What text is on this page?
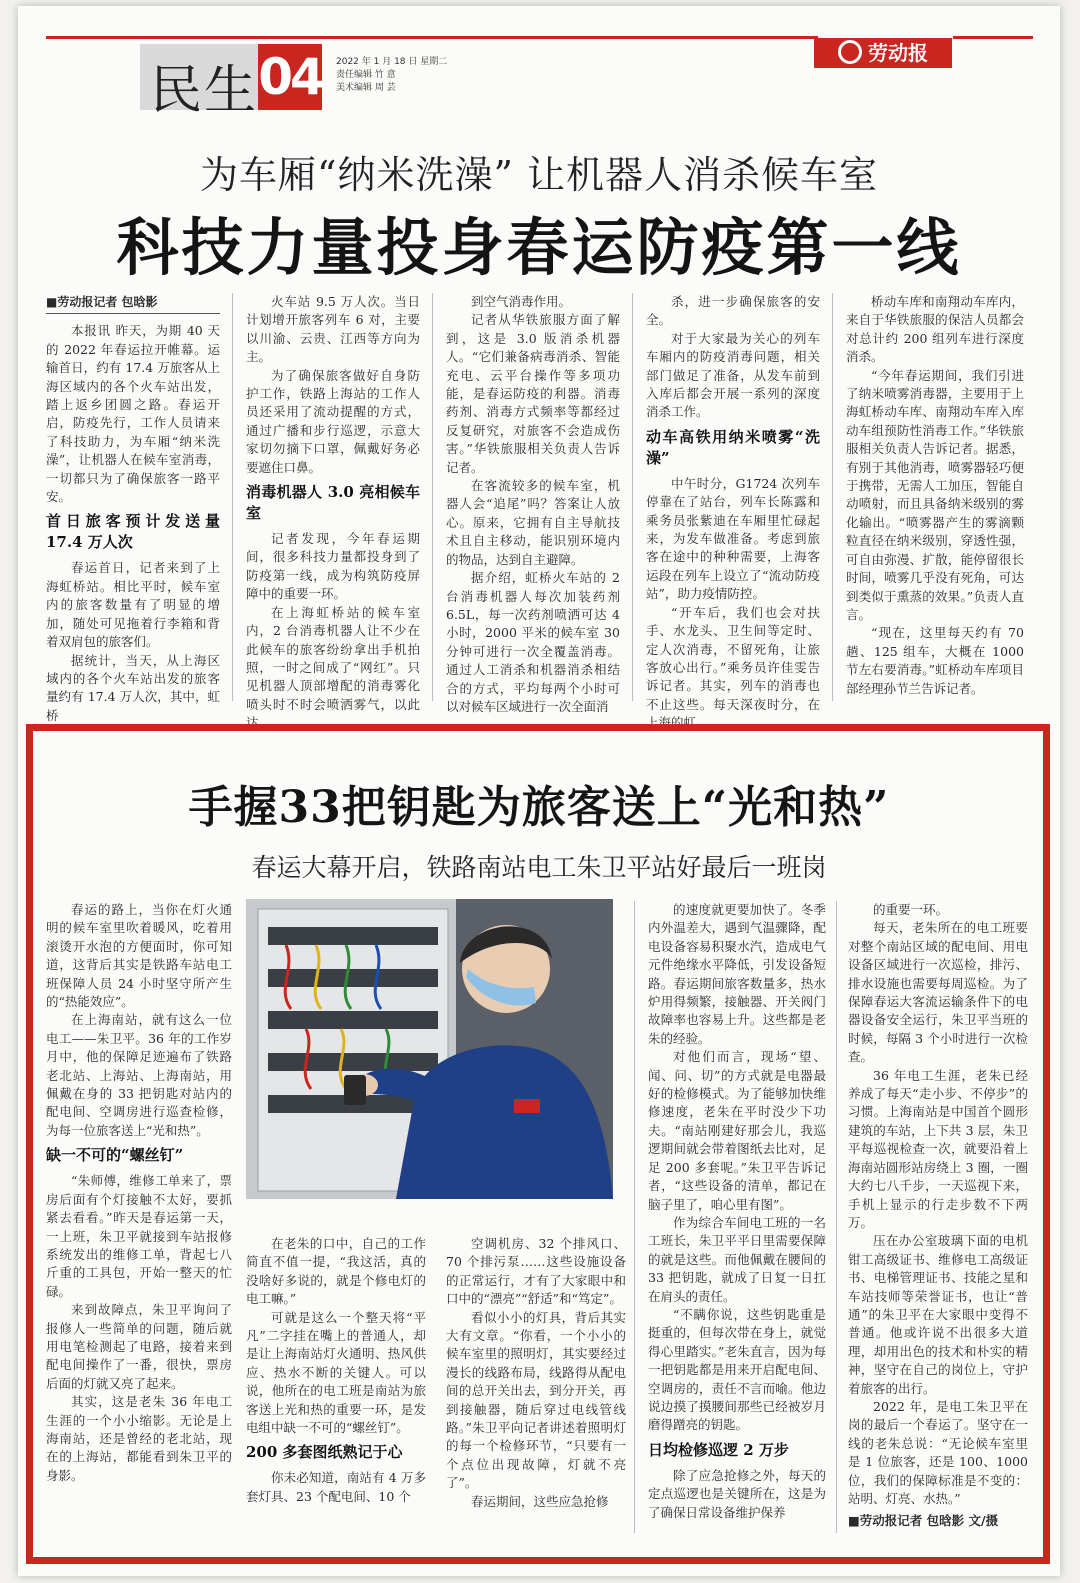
民生 04 2022 年 1 月 18 日 星期二
责任编辑 竹 意
美术编辑 周 芸
劳动报
为车厢“纳米洗澡” 让机器人消杀候车室
科技力量投身春运防疫第一线

■劳动报记者 包晗影

本报讯 昨天，为期 40 天的 2022 年春运拉开帷幕。运输首日，约有 17.4 万旅客从上海区域内的各个火车站出发，踏上返乡团圆之路。春运开启，防疫先行，工作人员请来了科技助力，为车厢“纳米洗澡”，让机器人在候车室消毒，一切都只为了确保旅客一路平安。

首日旅客预计发送量 17.4 万人次

春运首日，记者来到了上海虹桥站。相比平时，候车室内的旅客数量有了明显的增加，随处可见拖着行李箱和背着双肩包的旅客们。

据统计，当天，从上海区域内的各个火车站出发的旅客量约有 17.4 万人次，其中，虹桥

火车站 9.5 万人次。当日计划增开旅客列车 6 对，主要以川渝、云贵、江西等方向为主。

为了确保旅客做好自身防护工作，铁路上海站的工作人员还采用了流动提醒的方式，通过广播和步行巡逻，示意大家切勿摘下口罩，佩戴好务必要遮住口鼻。

消毒机器人 3.0 亮相候车室

记者发现，今年春运期间，很多科技力量都投身到了防疫第一线，成为构筑防疫屏障中的重要一环。

在上海虹桥站的候车室内，2 台消毒机器人让不少在此候车的旅客纷纷拿出手机拍照，一时之间成了“网红”。只见机器人顶部增配的消毒雾化喷头时不时会喷洒雾气，以此达

到空气消毒作用。

记者从华铁旅服方面了解到，这是 3.0 版消杀机器人。“它们兼备病毒消杀、智能充电、云平台操作等多项功能，是春运防疫的利器。消毒药剂、消毒方式频率等都经过反复研究，对旅客不会造成伤害。”华铁旅服相关负责人告诉记者。

在客流较多的候车室，机器人会“追尾”吗？答案让人放心。原来，它拥有自主导航技术且自主移动，能识别环境内的物品，达到自主避障。

据介绍，虹桥火车站的 2 台消毒机器人每次加装药剂 6.5L，每一次药剂喷洒可达 4 小时，2000 平米的候车室 30 分钟可进行一次全覆盖消毒。通过人工消杀和机器消杀相结合的方式，平均每两个小时可以对候车区域进行一次全面消

杀，进一步确保旅客的安全。

对于大家最为关心的列车车厢内的防疫消毒问题，相关部门做足了准备，从发车前到入库后都会开展一系列的深度消杀工作。

动车高铁用纳米喷雾“洗澡”

中午时分，G1724 次列车停靠在了站台，列车长陈露和乘务员张紫迪在车厢里忙碌起来，为发车做准备。考虑到旅客在途中的种种需要，上海客运段在列车上设立了“流动防疫站”，助力疫情防控。

“开车后，我们也会对扶手、水龙头、卫生间等定时、定人次消毒，不留死角，让旅客放心出行。”乘务员许佳雯告诉记者。其实，列车的消毒也不止这些。每天深夜时分，在上海的虹

桥动车库和南翔动车库内，来自于华铁旅服的保洁人员都会对总计约 200 组列车进行深度消杀。

“今年春运期间，我们引进了纳米喷雾消毒器，主要用于上海虹桥动车库、南翔动车库入库动车组预防性消毒工作。”华铁旅服相关负责人告诉记者。据悉，有别于其他消毒，喷雾器轻巧便于携带，无需人工加压，智能自动喷射，而且具备纳米级别的雾化输出。“喷雾器产生的雾滴颗粒直径在纳米级别，穿透性强，可自由弥漫、扩散，能停留很长时间，喷雾几乎没有死角，可达到类似于熏蒸的效果。”负责人直言。

“现在，这里每天约有 70 趟、125 组车，大概在 1000 节左右要消毒。”虹桥动车库项目部经理孙节兰告诉记者。

手握33把钥匙为旅客送上“光和热”
春运大幕开启，铁路南站电工朱卫平站好最后一班岗

春运的路上，当你在灯火通明的候车室里吹着暖风，吃着用滚烫开水泡的方便面时，你可知道，这背后其实是铁路车站电工班保障人员 24 小时坚守所产生的“热能效应”。

在上海南站，就有这么一位电工——朱卫平。36 年的工作岁月中，他的保障足迹遍布了铁路老北站、上海站、上海南站，用佩戴在身的 33 把钥匙对站内的配电间、空调房进行巡查检修，为每一位旅客送上“光和热”。

缺一不可的“螺丝钉”

“朱师傅，维修工单来了，票房后面有个灯接触不太好，要抓紧去看看。”昨天是春运第一天，一上班，朱卫平就接到车站报修系统发出的维修工单，背起七八斤重的工具包，开始一整天的忙碌。

来到故障点，朱卫平询问了报修人一些简单的问题，随后就用电笔检测起了电路，接着来到配电间操作了一番，很快，票房后面的灯就又亮了起来。

其实，这是老朱 36 年电工生涯的一个小小缩影。无论是上海南站，还是曾经的老北站，现在的上海站，都能看到朱卫平的身影。

在老朱的口中，自己的工作简直不值一提，“我这活，真的没啥好多说的，就是个修电灯的电工嘛。”

可就是这么一个整天将“平凡”二字挂在嘴上的普通人，却是让上海南站灯火通明、热风供应、热水不断的关键人。可以说，他所在的电工班是南站为旅客送上光和热的重要一环，是发电组中缺一不可的“螺丝钉”。

200 多套图纸熟记于心

你未必知道，南站有 4 万多套灯具、23 个配电间、10 个

空调机房、32 个排风口、70 个排污泵……这些设施设备的正常运行，才有了大家眼中和口中的“漂亮”“舒适”和“笃定”。

看似小小的灯具，背后其实大有文章。“你看，一个小小的候车室里的照明灯，其实要经过漫长的线路布局，线路得从配电间的总开关出去，到分开关，再到接触器，随后穿过电线管线路。”朱卫平向记者讲述着照明灯的每一个检修环节，“只要有一个点位出现故障，灯就不亮了”。

春运期间，这些应急抢修

的速度就更要加快了。冬季内外温差大，遇到气温骤降，配电设备容易积聚水汽，造成电气元件绝缘水平降低，引发设备短路。春运期间旅客数量多，热水炉用得频繁，接触器、开关阀门故障率也容易上升。这些都是老朱的经验。

对他们而言，现场“望、闻、问、切”的方式就是电器最好的检修模式。为了能够加快维修速度，老朱在平时没少下功夫。“南站刚建好那会儿，我巡逻期间就会带着图纸去比对，足足 200 多套呢。”朱卫平告诉记者，“这些设备的清单，都记在脑子里了，咱心里有图”。

作为综合车间电工班的一名工班长，朱卫平平日里需要保障的就是这些。而他佩戴在腰间的 33 把钥匙，就成了日复一日扛在肩头的责任。

“不瞒你说，这些钥匙重是挺重的，但每次带在身上，就觉得心里踏实。”老朱直言，因为每一把钥匙都是用来开启配电间、空调房的，责任不言而喻。他边说边摸了摸腰间那些已经被岁月磨得蹭亮的钥匙。

日均检修巡逻 2 万步

除了应急抢修之外，每天的定点巡逻也是关键所在，这是为了确保日常设备维护保养

的重要一环。

每天，老朱所在的电工班要对整个南站区域的配电间、用电设备区域进行一次巡检，排污、排水设施也需要每周巡检。为了保障春运大客流运输条件下的电器设备安全运行，朱卫平当班的时候，每隔 3 个小时进行一次检查。

36 年电工生涯，老朱已经养成了每天“走小步、不停步”的习惯。上海南站是中国首个圆形建筑的车站，上下共 3 层，朱卫平每巡视检查一次，就要沿着上海南站圆形站房绕上 3 圈，一圈大约七八千步，一天巡视下来，手机上显示的行走步数不下两万。

压在办公室玻璃下面的电机钳工高级证书、维修电工高级证书、电梯管理证书、技能之星和车站技师等荣誉证书，也让“普通”的朱卫平在大家眼中变得不普通。他或许说不出很多大道理，却用出色的技术和朴实的精神，坚守在自己的岗位上，守护着旅客的出行。

2022 年，是电工朱卫平在岗的最后一个春运了。坚守在一线的老朱总说：“无论候车室里是 1 位旅客，还是 100、1000 位，我们的保障标准是不变的：站明、灯亮、水热。”

■劳动报记者 包晗影 文/摄
